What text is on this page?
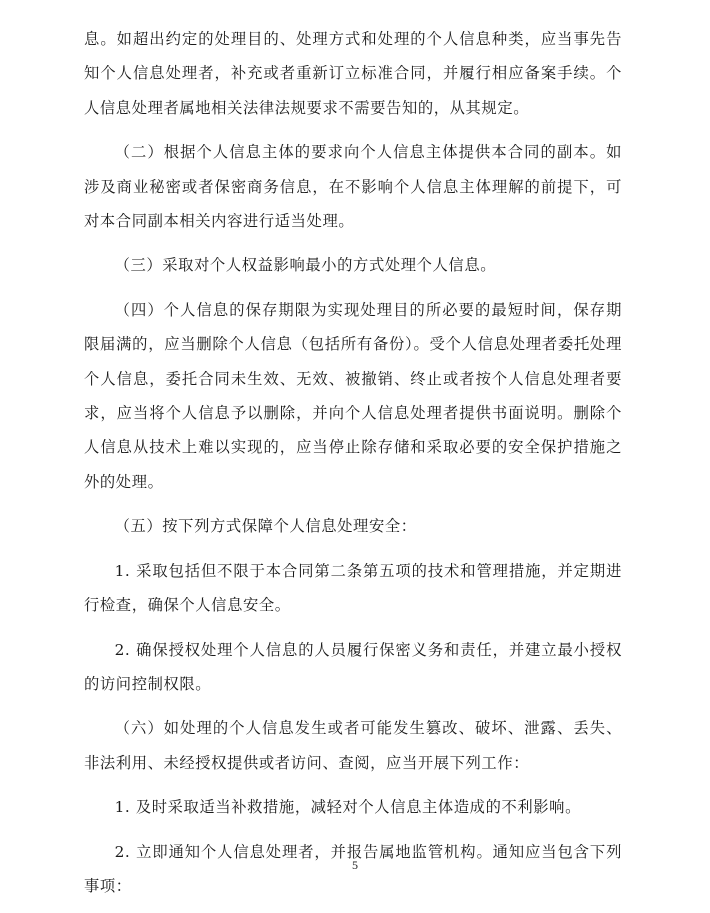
息。如超出约定的处理目的、处理方式和处理的个人信息种类，应当事先告知个人信息处理者，补充或者重新订立标准合同，并履行相应备案手续。个人信息处理者属地相关法律法规要求不需要告知的，从其规定。

（二）根据个人信息主体的要求向个人信息主体提供本合同的副本。如涉及商业秘密或者保密商务信息，在不影响个人信息主体理解的前提下，可对本合同副本相关内容进行适当处理。

（三）采取对个人权益影响最小的方式处理个人信息。

（四）个人信息的保存期限为实现处理目的所必要的最短时间，保存期限届满的，应当删除个人信息（包括所有备份）。受个人信息处理者委托处理个人信息，委托合同未生效、无效、被撤销、终止或者按个人信息处理者要求，应当将个人信息予以删除，并向个人信息处理者提供书面说明。删除个人信息从技术上难以实现的，应当停止除存储和采取必要的安全保护措施之外的处理。

（五）按下列方式保障个人信息处理安全：

1. 采取包括但不限于本合同第二条第五项的技术和管理措施，并定期进行检查，确保个人信息安全。

2. 确保授权处理个人信息的人员履行保密义务和责任，并建立最小授权的访问控制权限。

（六）如处理的个人信息发生或者可能发生篡改、破坏、泄露、丢失、非法利用、未经授权提供或者访问、查阅，应当开展下列工作：

1. 及时采取适当补救措施，减轻对个人信息主体造成的不利影响。

2. 立即通知个人信息处理者，并报告属地监管机构。通知应当包含下列事项：

5
